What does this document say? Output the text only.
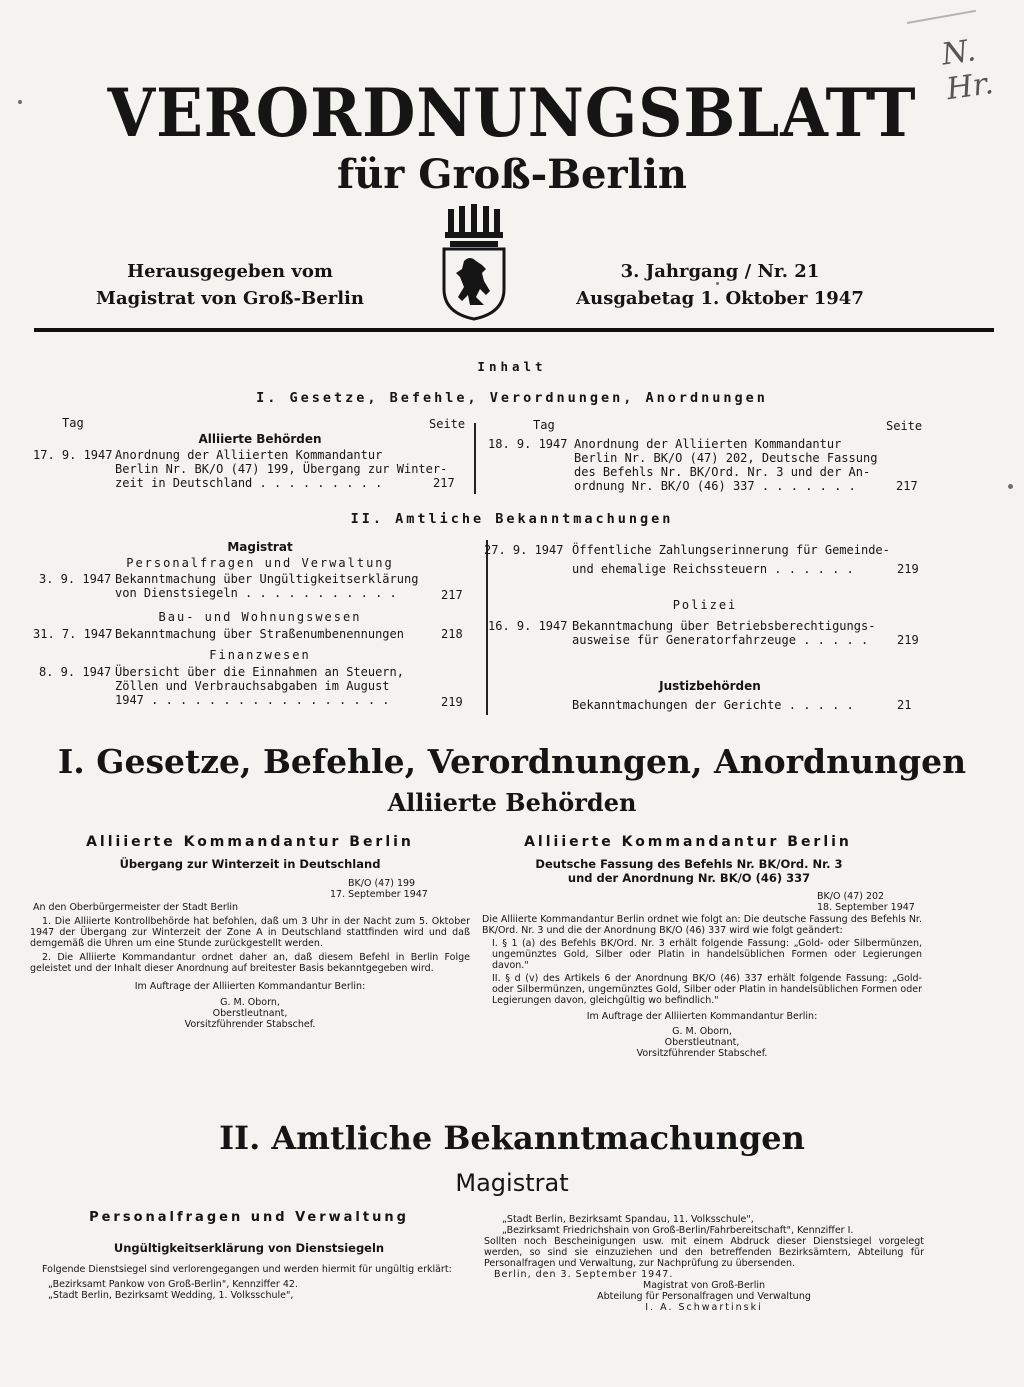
N. Hr.
VERORDNUNGSBLATT
für Groß-Berlin
Herausgegeben vom
Magistrat von Groß-Berlin
3. Jahrgang / Nr. 21
Ausgabetag 1. Oktober 1947
Inhalt
I. Gesetze, Befehle, Verordnungen, Anordnungen
Tag	Seite	Tag	Seite
Alliierte Behörden
17. 9. 1947 Anordnung der Alliierten Kommandantur
Berlin Nr. BK/O (47) 199, Übergang zur Winter-
zeit in Deutschland . . . . . . . . .	217
18. 9. 1947 Anordnung der Alliierten Kommandantur
Berlin Nr. BK/O (47) 202, Deutsche Fassung
des Befehls Nr. BK/Ord. Nr. 3 und der An-
ordnung Nr. BK/O (46) 337 . . . . . . .	217
II. Amtliche Bekanntmachungen
Magistrat
Personalfragen und Verwaltung
3. 9. 1947 Bekanntmachung über Ungültigkeitserklärung
von Dienstsiegeln . . . . . . . . . . .	217
Bau- und Wohnungswesen
31. 7. 1947 Bekanntmachung über Straßenumbenennungen	218
Finanzwesen
8. 9. 1947 Übersicht über die Einnahmen an Steuern,
Zöllen und Verbrauchsabgaben im August
1947 . . . . . . . . . . . . . . . . .	219
27. 9. 1947 Öffentliche Zahlungserinnerung für Gemeinde-
und ehemalige Reichssteuern . . . . . .	219
Polizei
16. 9. 1947 Bekanntmachung über Betriebsberechtigungs-
ausweise für Generatorfahrzeuge . . . . .	219
Justizbehörden
Bekanntmachungen der Gerichte . . . . .	21
I. Gesetze, Befehle, Verordnungen, Anordnungen
Alliierte Behörden
Alliierte Kommandantur Berlin
Übergang zur Winterzeit in Deutschland
BK/O (47) 199
17. September 1947

An den Oberbürgermeister der Stadt Berlin

1. Die Alliierte Kontrollbehörde hat befohlen, daß um 3 Uhr in der Nacht zum 5. Oktober 1947 der Übergang zur Winterzeit der Zone A in Deutschland stattfinden wird und daß demgemäß die Uhren um eine Stunde zurückgestellt werden.

2. Die Alliierte Kommandantur ordnet daher an, daß diesem Befehl in Berlin Folge geleistet und der Inhalt dieser Anordnung auf breitester Basis bekanntgegeben wird.

Im Auftrage der Alliierten Kommandantur Berlin:
G. M. Oborn,
Oberstleutnant,
Vorsitzführender Stabschef.
Alliierte Kommandantur Berlin
Deutsche Fassung des Befehls Nr. BK/Ord. Nr. 3
und der Anordnung Nr. BK/O (46) 337
BK/O (47) 202
18. September 1947

Die Alliierte Kommandantur Berlin ordnet wie folgt an: Die deutsche Fassung des Befehls Nr. BK/Ord. Nr. 3 und die der Anordnung BK/O (46) 337 wird wie folgt geändert:

I. § 1 (a) des Befehls BK/Ord. Nr. 3 erhält folgende Fassung: „Gold- oder Silbermünzen, ungemünztes Gold, Silber oder Platin in handelsüblichen Formen oder Legierungen davon."

II. § d (v) des Artikels 6 der Anordnung BK/O (46) 337 erhält folgende Fassung: „Gold- oder Silbermünzen, ungemünztes Gold, Silber oder Platin in handelsüblichen Formen oder Legierungen davon, gleichgültig wo befindlich."

Im Auftrage der Alliierten Kommandantur Berlin:
G. M. Oborn,
Oberstleutnant,
Vorsitzführender Stabschef.
II. Amtliche Bekanntmachungen
Magistrat
Personalfragen und Verwaltung
Ungültigkeitserklärung von Dienstsiegeln

Folgende Dienstsiegel sind verlorengegangen und werden hiermit für ungültig erklärt:

„Bezirksamt Pankow von Groß-Berlin", Kennziffer 42.

„Stadt Berlin, Bezirksamt Wedding, 1. Volksschule",

„Stadt Berlin, Bezirksamt Spandau, 11. Volksschule",

„Bezirksamt Friedrichshain von Groß-Berlin/Fahrbereitschaft", Kennziffer I.

Sollten noch Bescheinigungen usw. mit einem Abdruck dieser Dienstsiegel vorgelegt werden, so sind sie einzuziehen und den betreffenden Bezirksämtern, Abteilung für Personalfragen und Verwaltung, zur Nachprüfung zu übersenden.

Berlin, den 3. September 1947.

Magistrat von Groß-Berlin
Abteilung für Personalfragen und Verwaltung
I. A. Schwartinski
